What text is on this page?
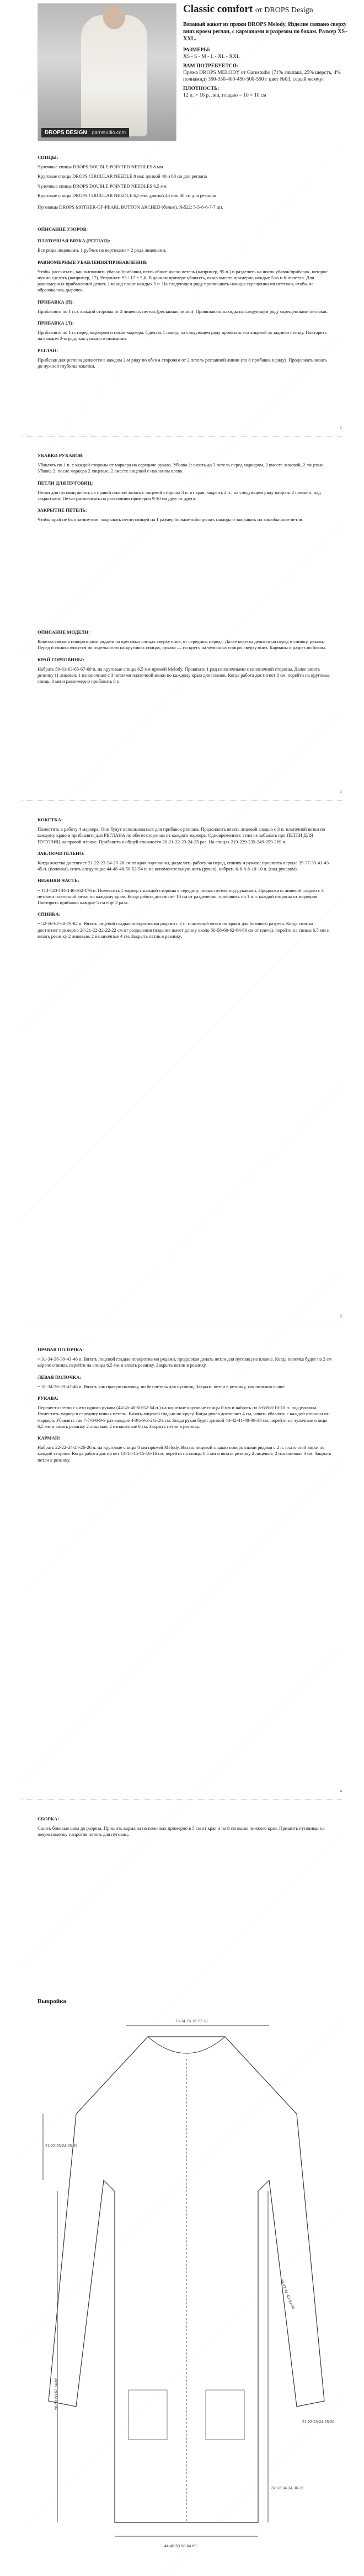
DROPS DESIGN garnstudio.com
Classic comfort от DROPS Design
Вязаный жакет из пряжи DROPS Melody. Изделие связано сверху вниз кроем реглан, с карманами и разрезом по бокам. Размер XS–XXL.
РАЗМЕРЫ:
XS - S - M - L - XL - XXL
ВАМ ПОТРЕБУЕТСЯ:
Пряжа DROPS MELODY от Garnstudio (71% альпака, 25% шерсть, 4% полиамид) 350-350-400-450-500-550 г цвет №03, серый жемчуг
ПЛОТНОСТЬ:
12 п. × 16 р. лиц. гладью = 10 × 10 см

СПИЦЫ:

Чулочные спицы DROPS DOUBLE POINTED NEEDLES 8 мм

Круговые спицы DROPS CIRCULAR NEEDLE 8 мм: длиной 40 и 80 см для реглана

Чулочные спицы DROPS DOUBLE POINTED NEEDLES 6,5 мм

Круговые спицы DROPS CIRCULAR NEEDLE 6,5 мм: длиной 40 или 80 см для резинок

Пуговицы DROPS MOTHER-OF-PEARL BUTTON ARCHED (белые), №522: 5-5-6-6-7-7 шт.

ОПИСАНИЕ УЗОРОВ:

ПЛАТОЧНАЯ ВЯЗКА (РЕГЛАН):

Все ряды лицевыми. 1 рубчик по вертикали = 2 ряда лицевыми.

РАВНОМЕРНЫЕ УБАВЛЕНИЯ/ПРИБАВЛЕНИЯ:

Чтобы рассчитать, как выполнять убавки/прибавки, взять общее число петель (например, 95 п.) и разделить на число убавок/прибавок, которое нужно сделать (например, 17). Результат: 95 / 17 = 5,6. В данном примере убавлять, вязав вместе примерно каждые 5-ю и 6-ю петли. Для равномерных прибавлений делать 1 накид после каждых 5 п. На следующем ряду провязывать накиды скрещенными петлями, чтобы не образовалось дырочек.

ПРИБАВКА (П):

Прибавлять по 1 п. с каждой стороны от 2 лицевых петель (регланная линия). Провязывать накиды на следующем ряду скрещенными петлями.

ПРИБАВКА (Л):

Прибавлять по 1 п. перед маркером и после маркера. Сделать 1 накид, на следующем ряду провязать его лицевой за заднюю стенку. Повторять на каждом 2-м ряду как указано в описании.

РЕГЛАН:

Прибавки для реглана делаются в каждом 2-м ряду по обеим сторонам от 2 петель регланной линии (по 8 прибавок в ряду). Продолжать вязать до нужной глубины кокетки.

1

УБАВКИ РУКАВОВ:

Убавлять по 1 п. с каждой стороны от маркера на середине рукава. Убавка 1: вязать до 3 петель перед маркером, 2 вместе лицевой, 2 лицевые. Убавка 2: после маркера 2 лицевые, 2 вместе лицевой с наклоном влево.

ПЕТЛИ ДЛЯ ПУГОВИЦ:

Петли для пуговиц делать на правой планке: вязать с лицевой стороны 3 п. от края, закрыть 2 п., на следующем ряду набрать 2 новые п. над закрытыми. Петли располагать на расстоянии примерно 9-10 см друг от друга.

ЗАКРЫТИЕ ПЕТЕЛЬ:

Чтобы край не был затянутым, закрывать петли спицей на 1 размер больше либо делать накиды и закрывать их как обычные петли.

ОПИСАНИЕ МОДЕЛИ:

Кокетка связана поворотными рядами на круговых спицах сверху вниз, от середины переда. Далее кокетка делится на перед и спинку, рукава. Перед и спинка вяжутся по отдельности на круговых спицах, рукава — по кругу на чулочных спицах сверху вниз. Карманы и разрез по бокам.

КРАЙ ГОРЛОВИНЫ:

Набрать 59-61-63-65-67-69 п. на круговые спицы 6,5 мм пряжей Melody. Провязать 1 ряд изнаночными с изнаночной стороны. Далее вязать резинку (1 лицевая, 1 изнаночная) с 3 петлями платочной вязки по каждому краю для планок. Когда работа достигнет 3 см, перейти на круговые спицы 8 мм и равномерно прибавить 8 п.

2

КОКЕТКА:

Поместить в работу 4 маркера. Они будут использоваться для прибавок реглана. Продолжить вязать лицевой гладью с 3 п. платочной вязки по каждому краю и прибавлять для РЕГЛАНА по обеим сторонам от каждого маркера. Одновременно с этим не забывать про ПЕТЛИ ДЛЯ ПУГОВИЦ на правой планке. Прибавить в общей сложности 20-21-22-23-24-25 раз. На спицах 219-229-239-249-259-269 п.

ЗАКЛЮЧИТЕЛЬНО:

Когда кокетка достигнет 21-22-23-24-25-26 см от края горловины, разделить работу на перед, спинку и рукава: провязать первые 35-37-39-41-43-45 п. (полочка), снять следующие 44-46-48-50-52-54 п. на вспомогательную нить (рукав), набрать 6-6-8-8-10-10 п. (под рукавом).

НИЖНЯЯ ЧАСТЬ:

= 114-120-134-146-162-176 п. Поместить 1 маркер с каждой стороны в середину новых петель под рукавами. Продолжить лицевой гладью с 3 петлями платочной вязки по каждому краю. Когда работа достигнет 10 см от разделения, прибавить по 1 п. с каждой стороны от маркеров. Повторять прибавки каждые 5 см ещё 2 раза.

СПИНКА:

= 52-56-62-68-76-82 п. Вязать лицевой гладью поворотными рядами с 2 п. платочной вязки по краям для бокового разреза. Когда спинка достигнет примерно 20-21-22-22-22-22 см от разделения (изделие имеет длину около 56-58-60-62-64-66 см от плеча), перейти на спицы 6,5 мм и вязать резинку 2 лицевые, 2 изнаночные 4 см. Закрыть петли в резинку.

3

ПРАВАЯ ПОЛОЧКА:

= 31-34-36-39-43-46 п. Вязать лицевой гладью поворотными рядами, продолжая делать петли для пуговиц на планке. Когда полочка будет на 2 см короче спинки, перейти на спицы 6,5 мм и вязать резинку. Закрыть петли в резинку.

ЛЕВАЯ ПОЛОЧКА:

= 31-34-36-39-43-46 п. Вязать как правую полочку, но без петель для пуговиц. Закрыть петли в резинку, как описано выше.

РУКАВА:

Перенести петли с нити одного рукава (44-46-48-50-52-54 п.) на короткие круговые спицы 8 мм и набрать по 6-6-8-8-10-10 п. под рукавом. Поместить маркер в середину новых петель. Вязать лицевой гладью по кругу. Когда рукав достигнет 4 см, начать убавлять с каждой стороны от маркера. Убавлять так 7-7-8-8-9-9 раз каждые 4-3½-3-3-2½-2½ см. Когда рукав будет длиной 43-42-41-40-39-38 см, перейти на чулочные спицы 6,5 мм и вязать резинку 2 лицевые, 2 изнаночные 6 см. Закрыть петли в резинку.

КАРМАН:

Набрать 22-22-24-24-26-26 п. на круговые спицы 8 мм пряжей Melody. Вязать лицевой гладью поворотными рядами с 2 п. платочной вязки по каждой стороне. Когда работа достигнет 14-14-15-15-16-16 см, перейти на спицы 6,5 мм и вязать резинку 2 лицевые, 2 изнаночные 3 см. Закрыть петли в резинку.

4

СБОРКА:

Сшить боковые швы до разреза. Пришить карманы на полочках примерно в 5 см от края и на 8 см выше нижнего края. Пришить пуговицы на левую полочку напротив петель для пуговиц.

Выкройка
73-74-75-76-77-78
21-22-23-24-25-26
56-58-60-62-64-66
43-42-41-40-39-38
32-32-34-34-36-36
21-22-23-24-25-26
44-48-53-58-64-69
